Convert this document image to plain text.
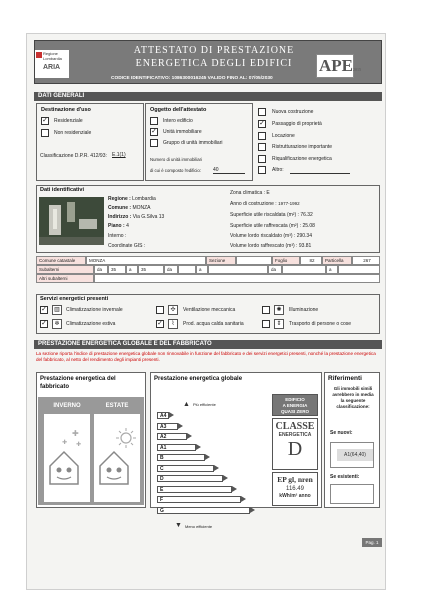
ATTESTATO DI PRESTAZIONE
ENERGETICA DEGLI EDIFICI
CODICE IDENTIFICATIVO: 1086300016245 VALIDO FINO AL: 07/05/2030
Regione
Lombardia
ARIA	APE2015
DATI GENERALI
Destinazione d'uso
✓ Residenziale
Non residenziale
Classificazione D.P.R. 412/93: E.1(1)
Oggetto dell'attestato
Intero edificio
✓ Unità immobiliare
Gruppo di unità immobiliari
Numero di unità immobiliari
di cui è composto l'edificio: 40
Nuova costruzione
✓ Passaggio di proprietà
Locazione
Ristrutturazione importante
Riqualificazione energetica
Altro:
Dati identificativi
Regione : Lombardia
Comune : MONZA
Indirizzo : Via G.Silva 13
Piano : 4
Interno :
Coordinate GIS :
Zona climatica : E
Anno di costruzione : 1977-1992
Superficie utile riscaldata (m²) : 76.32
Superficie utile raffrescata (m²) : 25.08
Volume lordo riscaldato (m³) : 290.34
Volume lordo raffrescato (m³) : 93.81
Comune catastale	MONZA	Sezione	Foglio	82	Particella	267
Subalterni	da	35	a	35	da	a	da	a
Altri subalterni
Servizi energetici presenti
✓	▥	Climatizzazione invernale
✓	❄	Climatizzazione estiva
✣	Ventilazione meccanica
✓	⌇	Prod. acqua calda sanitaria
✺	Illuminazione
⇕	Trasporto di persone o cose
PRESTAZIONE ENERGETICA GLOBALE E DEL FABBRICATO
La sezione riporta l'indice di prestazione energetica globale non rinnovabile in funzione del fabbricato e dei servizi energetici presenti, nonché la prestazione energetica del fabbricato, al netto del rendimento degli impianti presenti.
Prestazione energetica del
fabbricato
INVERNO	ESTATE
✚
✚ ✚
Prestazione energetica globale
▲ Più efficiente
A4
A3
A2
A1
B
C
D
E
F
G
▼ Meno efficiente
EDIFICIO
A ENERGIA
QUASI ZERO
CLASSE
ENERGETICA
D
EP gl, nren
116.49
kWh/m² anno
Riferimenti
Gli immobili simili
avrebbero in media
la seguente
classificazione:
Se nuovi:
A1(64,40)
Se esistenti:
Pag. 1
